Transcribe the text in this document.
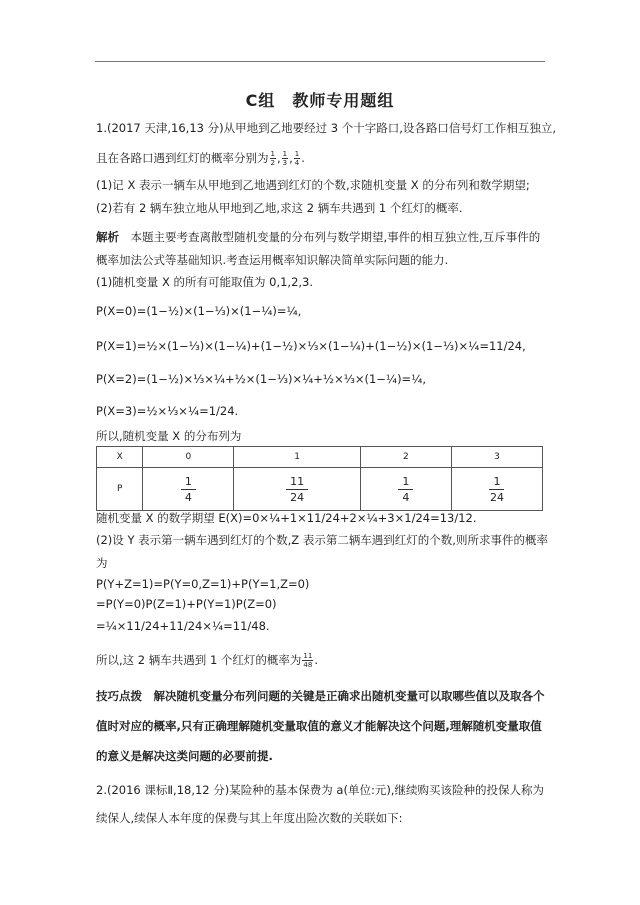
C组　教师专用题组
1.(2017 天津,16,13 分)从甲地到乙地要经过 3 个十字路口,设各路口信号灯工作相互独立,
且在各路口遇到红灯的概率分别为 $\frac{1}{2}$ , $\frac{1}{3}$ , $\frac{1}{4}$ .
(1)记 X 表示一辆车从甲地到乙地遇到红灯的个数,求随机变量 X 的分布列和数学期望;
(2)若有 2 辆车独立地从甲地到乙地,求这 2 辆车共遇到 1 个红灯的概率.
解析　本题主要考查离散型随机变量的分布列与数学期望,事件的相互独立性,互斥事件的
概率加法公式等基础知识.考查运用概率知识解决简单实际问题的能力.
(1)随机变量 X 的所有可能取值为 0,1,2,3.
P(X=0)=(1−½)×(1−⅓)×(1−¼)=¼,
P(X=1)=½×(1−⅓)×(1−¼)+(1−½)×⅓×(1−¼)+(1−½)×(1−⅓)×¼=11/24,
P(X=2)=(1−½)×⅓×¼+½×(1−⅓)×¼+½×⅓×(1−¼)=¼,
P(X=3)=½×⅓×¼=1/24.
所以,随机变量 X 的分布列为
X	0	1	2	3
P	$\frac{1}{4}$	$\frac{11}{24}$	$\frac{1}{4}$	$\frac{1}{24}$
随机变量 X 的数学期望 E(X)=0×¼+1×11/24+2×¼+3×1/24=13/12.
(2)设 Y 表示第一辆车遇到红灯的个数,Z 表示第二辆车遇到红灯的个数,则所求事件的概率
为
P(Y+Z=1)=P(Y=0,Z=1)+P(Y=1,Z=0)
=P(Y=0)P(Z=1)+P(Y=1)P(Z=0)
=¼×11/24+11/24×¼=11/48.
所以,这 2 辆车共遇到 1 个红灯的概率为 $\frac{11}{48}$ .
技巧点拨　解决随机变量分布列问题的关键是正确求出随机变量可以取哪些值以及取各个
值时对应的概率,只有正确理解随机变量取值的意义才能解决这个问题,理解随机变量取值
的意义是解决这类问题的必要前提.
2.(2016 课标Ⅱ,18,12 分)某险种的基本保费为 a(单位:元),继续购买该险种的投保人称为
续保人,续保人本年度的保费与其上年度出险次数的关联如下:
